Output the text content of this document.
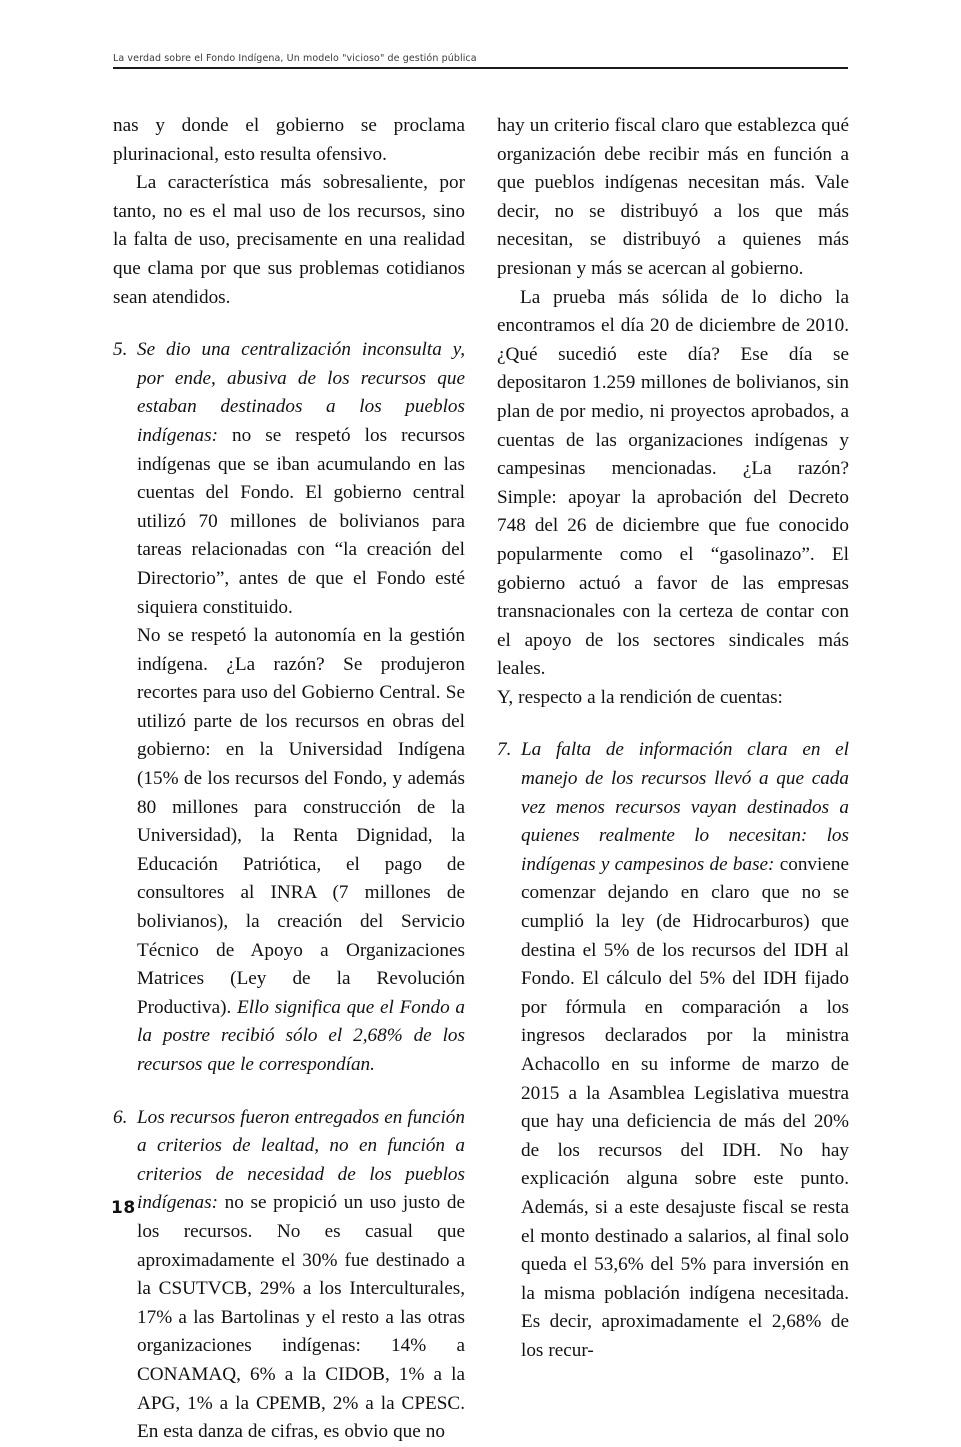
La verdad sobre el Fondo Indígena, Un modelo "vicioso" de gestión pública

nas y donde el gobierno se proclama plurinacional, esto resulta ofensivo.

La característica más sobresaliente, por tanto, no es el mal uso de los recursos, sino la falta de uso, precisamente en una realidad que clama por que sus problemas cotidianos sean atendidos.

5. Se dio una centralización inconsulta y, por ende, abusiva de los recursos que estaban destinados a los pueblos indígenas: no se respetó los recursos indígenas que se iban acumulando en las cuentas del Fondo. El gobierno central utilizó 70 millones de bolivianos para tareas relacionadas con “la creación del Directorio”, antes de que el Fondo esté siquiera constituido.

No se respetó la autonomía en la gestión indígena. ¿La razón? Se produjeron recortes para uso del Gobierno Central. Se utilizó parte de los recursos en obras del gobierno: en la Universidad Indígena (15% de los recursos del Fondo, y además 80 millones para construcción de la Universidad), la Renta Dignidad, la Educación Patriótica, el pago de consultores al INRA (7 millones de bolivianos), la creación del Servicio Técnico de Apoyo a Organizaciones Matrices (Ley de la Revolución Productiva). Ello significa que el Fondo a la postre recibió sólo el 2,68% de los recursos que le correspondían.

6. Los recursos fueron entregados en función a criterios de lealtad, no en función a criterios de necesidad de los pueblos indígenas: no se propició un uso justo de los recursos. No es casual que aproximadamente el 30% fue destinado a la CSUTVCB, 29% a los Interculturales, 17% a las Bartolinas y el resto a las otras organizaciones indígenas: 14% a CONAMAQ, 6% a la CIDOB, 1% a la APG, 1% a la CPEMB, 2% a la CPESC. En esta danza de cifras, es obvio que no

hay un criterio fiscal claro que establezca qué organización debe recibir más en función a que pueblos indígenas necesitan más. Vale decir, no se distribuyó a los que más necesitan, se distribuyó a quienes más presionan y más se acercan al gobierno.

La prueba más sólida de lo dicho la encontramos el día 20 de diciembre de 2010. ¿Qué sucedió este día? Ese día se depositaron 1.259 millones de bolivianos, sin plan de por medio, ni proyectos aprobados, a cuentas de las organizaciones indígenas y campesinas mencionadas. ¿La razón? Simple: apoyar la aprobación del Decreto 748 del 26 de diciembre que fue conocido popularmente como el “gasolinazo”. El gobierno actuó a favor de las empresas transnacionales con la certeza de contar con el apoyo de los sectores sindicales más leales.

Y, respecto a la rendición de cuentas:

7. La falta de información clara en el manejo de los recursos llevó a que cada vez menos recursos vayan destinados a quienes realmente lo necesitan: los indígenas y campesinos de base: conviene comenzar dejando en claro que no se cumplió la ley (de Hidrocarburos) que destina el 5% de los recursos del IDH al Fondo. El cálculo del 5% del IDH fijado por fórmula en comparación a los ingresos declarados por la ministra Achacollo en su informe de marzo de 2015 a la Asamblea Legislativa muestra que hay una deficiencia de más del 20% de los recursos del IDH. No hay explicación alguna sobre este punto. Además, si a este desajuste fiscal se resta el monto destinado a salarios, al final solo queda el 53,6% del 5% para inversión en la misma población indígena necesitada. Es decir, aproximadamente el 2,68% de los recur-

18
